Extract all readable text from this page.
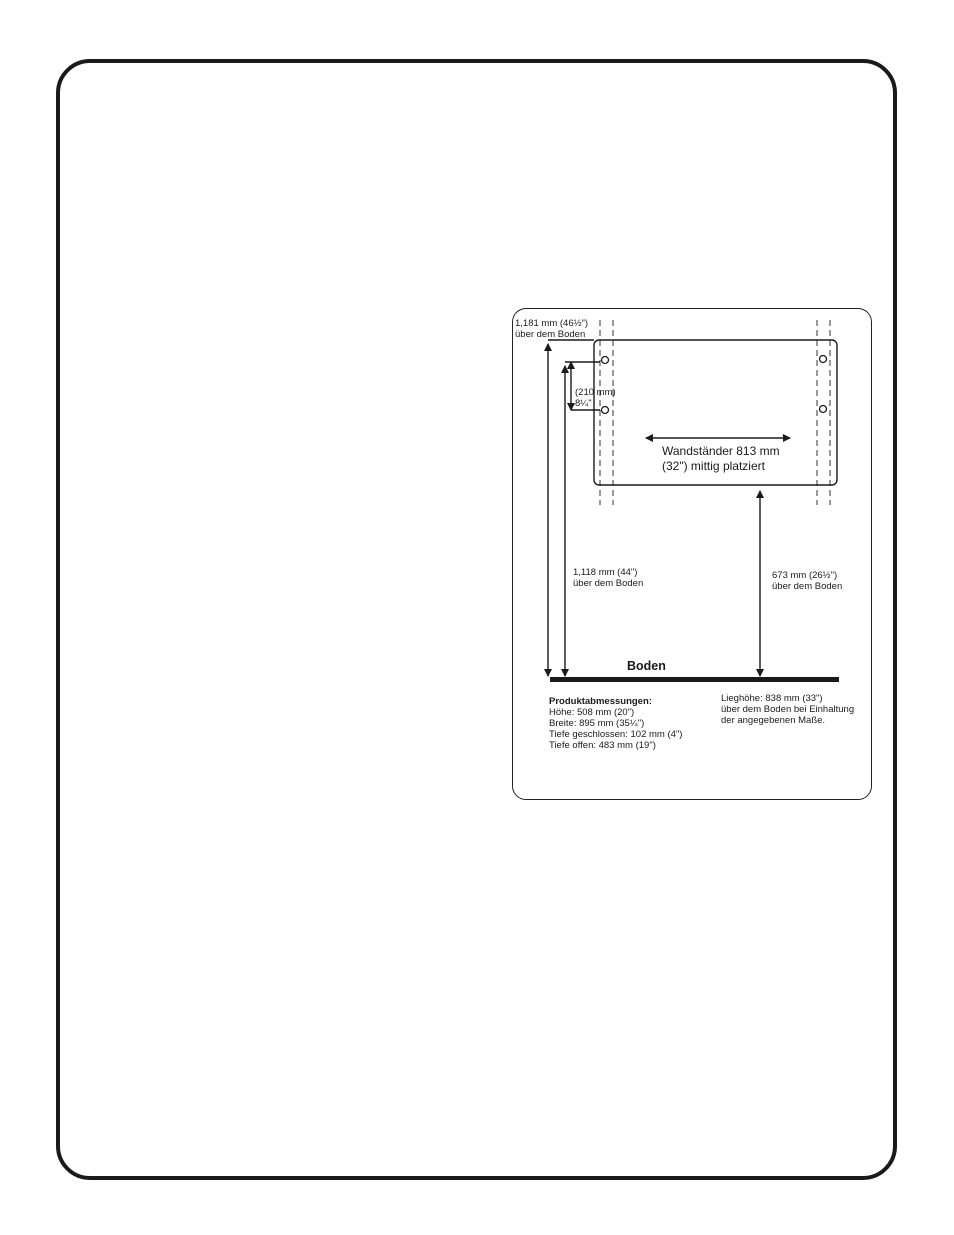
1,181 mm (46½")
über dem Boden
(210 mm)
8¼"
Wandständer 813 mm
(32") mittig platziert
1,118 mm (44")
über dem Boden
673 mm (26½")
über dem Boden
Boden
Produktabmessungen:
Höhe: 508 mm (20")
Breite: 895 mm (35¼")
Tiefe geschlossen: 102 mm (4")
Tiefe offen: 483 mm (19")
Lieghöhe: 838 mm (33")
über dem Boden bei Einhaltung
der angegebenen Maße.
